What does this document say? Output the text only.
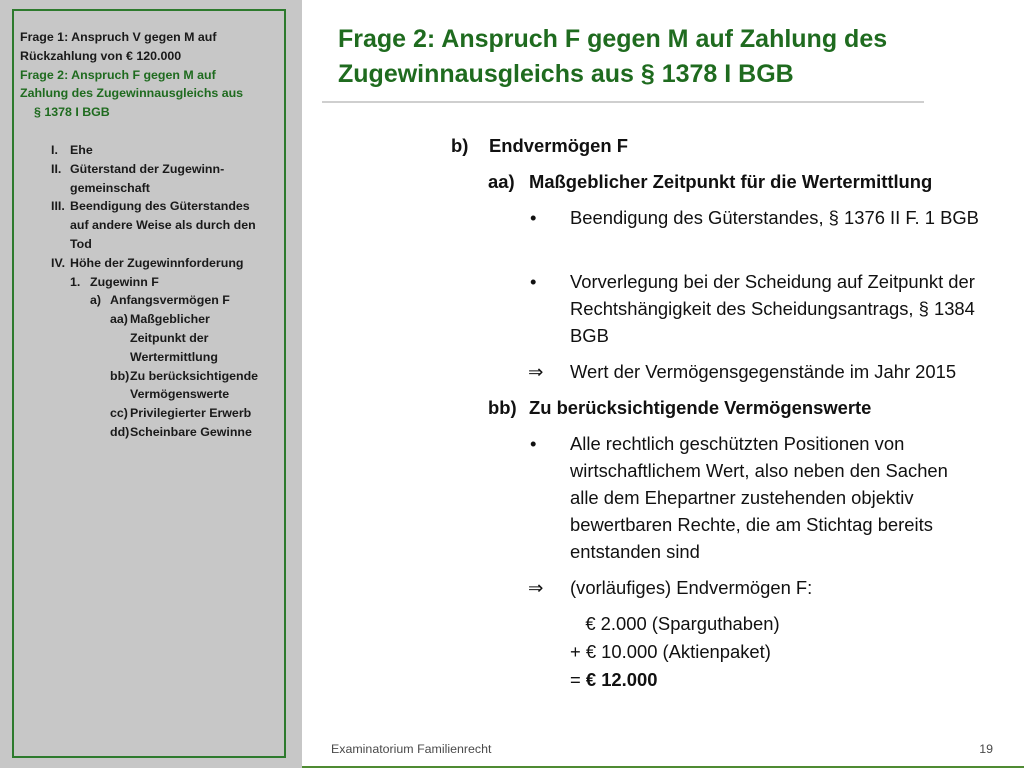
Frage 1: Anspruch V gegen M auf
Rückzahlung von € 120.000
Frage 2: Anspruch F gegen M auf
Zahlung des Zugewinnausgleichs aus
§ 1378 I BGB
I. Ehe
II. Güterstand der Zugewinn-
gemeinschaft
III. Beendigung des Güterstandes
auf andere Weise als durch den
Tod
IV. Höhe der Zugewinnforderung
1. Zugewinn F
a) Anfangsvermögen F
aa) Maßgeblicher
Zeitpunkt der
Wertermittlung
bb) Zu berücksichtigende
Vermögenswerte
cc) Privilegierter Erwerb
dd) Scheinbare Gewinne
Frage 2: Anspruch F gegen M auf Zahlung des
Zugewinnausgleichs aus § 1378 I BGB
b)	Endvermögen F
aa) Maßgeblicher Zeitpunkt für die Wertermittlung
•	Beendigung des Güterstandes, § 1376 II F. 1 BGB
•	Vorverlegung bei der Scheidung auf Zeitpunkt der Rechtshängigkeit des Scheidungsantrags, § 1384 BGB
⇒	Wert der Vermögensgegenstände im Jahr 2015
bb) Zu berücksichtigende Vermögenswerte
•	Alle rechtlich geschützten Positionen von wirtschaftlichem Wert, also neben den Sachen alle dem Ehepartner zustehenden objektiv bewertbaren Rechte, die am Stichtag bereits entstanden sind
⇒	(vorläufiges) Endvermögen F:
€ 2.000 (Sparguthaben)
+ € 10.000 (Aktienpaket)
= € 12.000
Examinatorium Familienrecht	19
